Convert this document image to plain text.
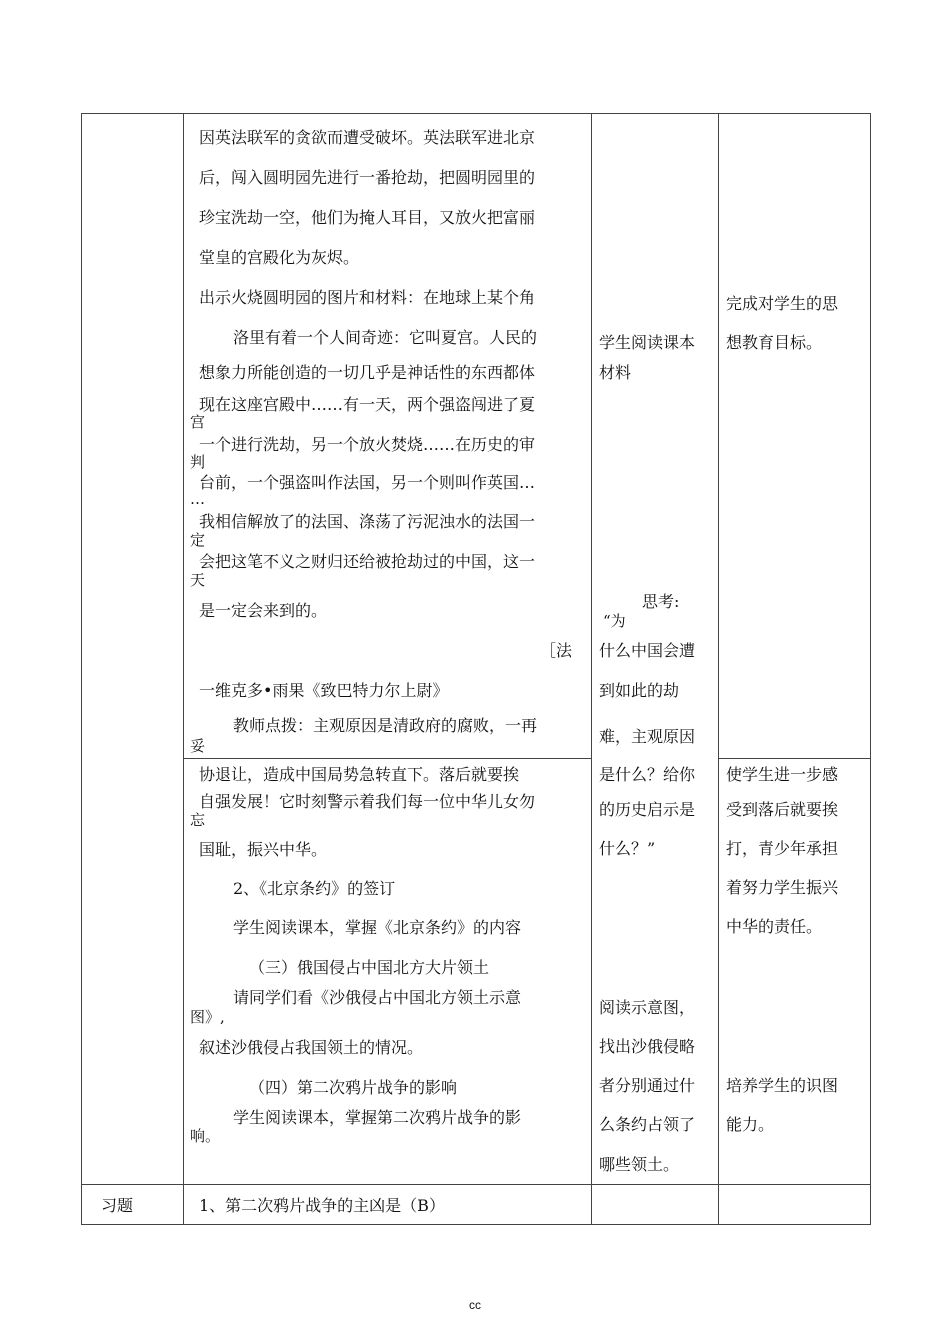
因英法联军的贪欲而遭受破坏。英法联军进北京
后，闯入圆明园先进行一番抢劫，把圆明园里的
珍宝洗劫一空，他们为掩人耳目，又放火把富丽
堂皇的宫殿化为灰烬。
出示火烧圆明园的图片和材料：在地球上某个角
洛里有着一个人间奇迹：它叫夏宫。人民的
想象力所能创造的一切几乎是神话性的东西都体
现在这座宫殿中……有一天，两个强盗闯进了夏
宫
一个进行洗劫，另一个放火焚烧……在历史的审
判
台前，一个强盗叫作法国，另一个则叫作英国…
…
我相信解放了的法国、涤荡了污泥浊水的法国一
定
会把这笔不义之财归还给被抢劫过的中国，这一
天
是一定会来到的。
［法
一维克多•雨果《致巴特力尔上尉》
教师点拨：主观原因是清政府的腐败，一再
妥
协退让，造成中国局势急转直下。落后就要挨
自强发展！它时刻警示着我们每一位中华儿女勿
忘
国耻，振兴中华。
2、《北京条约》的签订
学生阅读课本，掌握《北京条约》的内容
（三）俄国侵占中国北方大片领土
请同学们看《沙俄侵占中国北方领土示意
图》,
叙述沙俄侵占我国领土的情况。
（四）第二次鸦片战争的影响
学生阅读课本，掌握第二次鸦片战争的影
响。
学生阅读课本
材料
思考:
“为
什么中国会遭
到如此的劫
难，主观原因
是什么？给你
的历史启示是
什么？”
阅读示意图，
找出沙俄侵略
者分别通过什
么条约占领了
哪些领土。
完成对学生的思
想教育目标。
使学生进一步感
受到落后就要挨
打，青少年承担
着努力学生振兴
中华的责任。
培养学生的识图
能力。
习题	1、第二次鸦片战争的主凶是（B）
cc
